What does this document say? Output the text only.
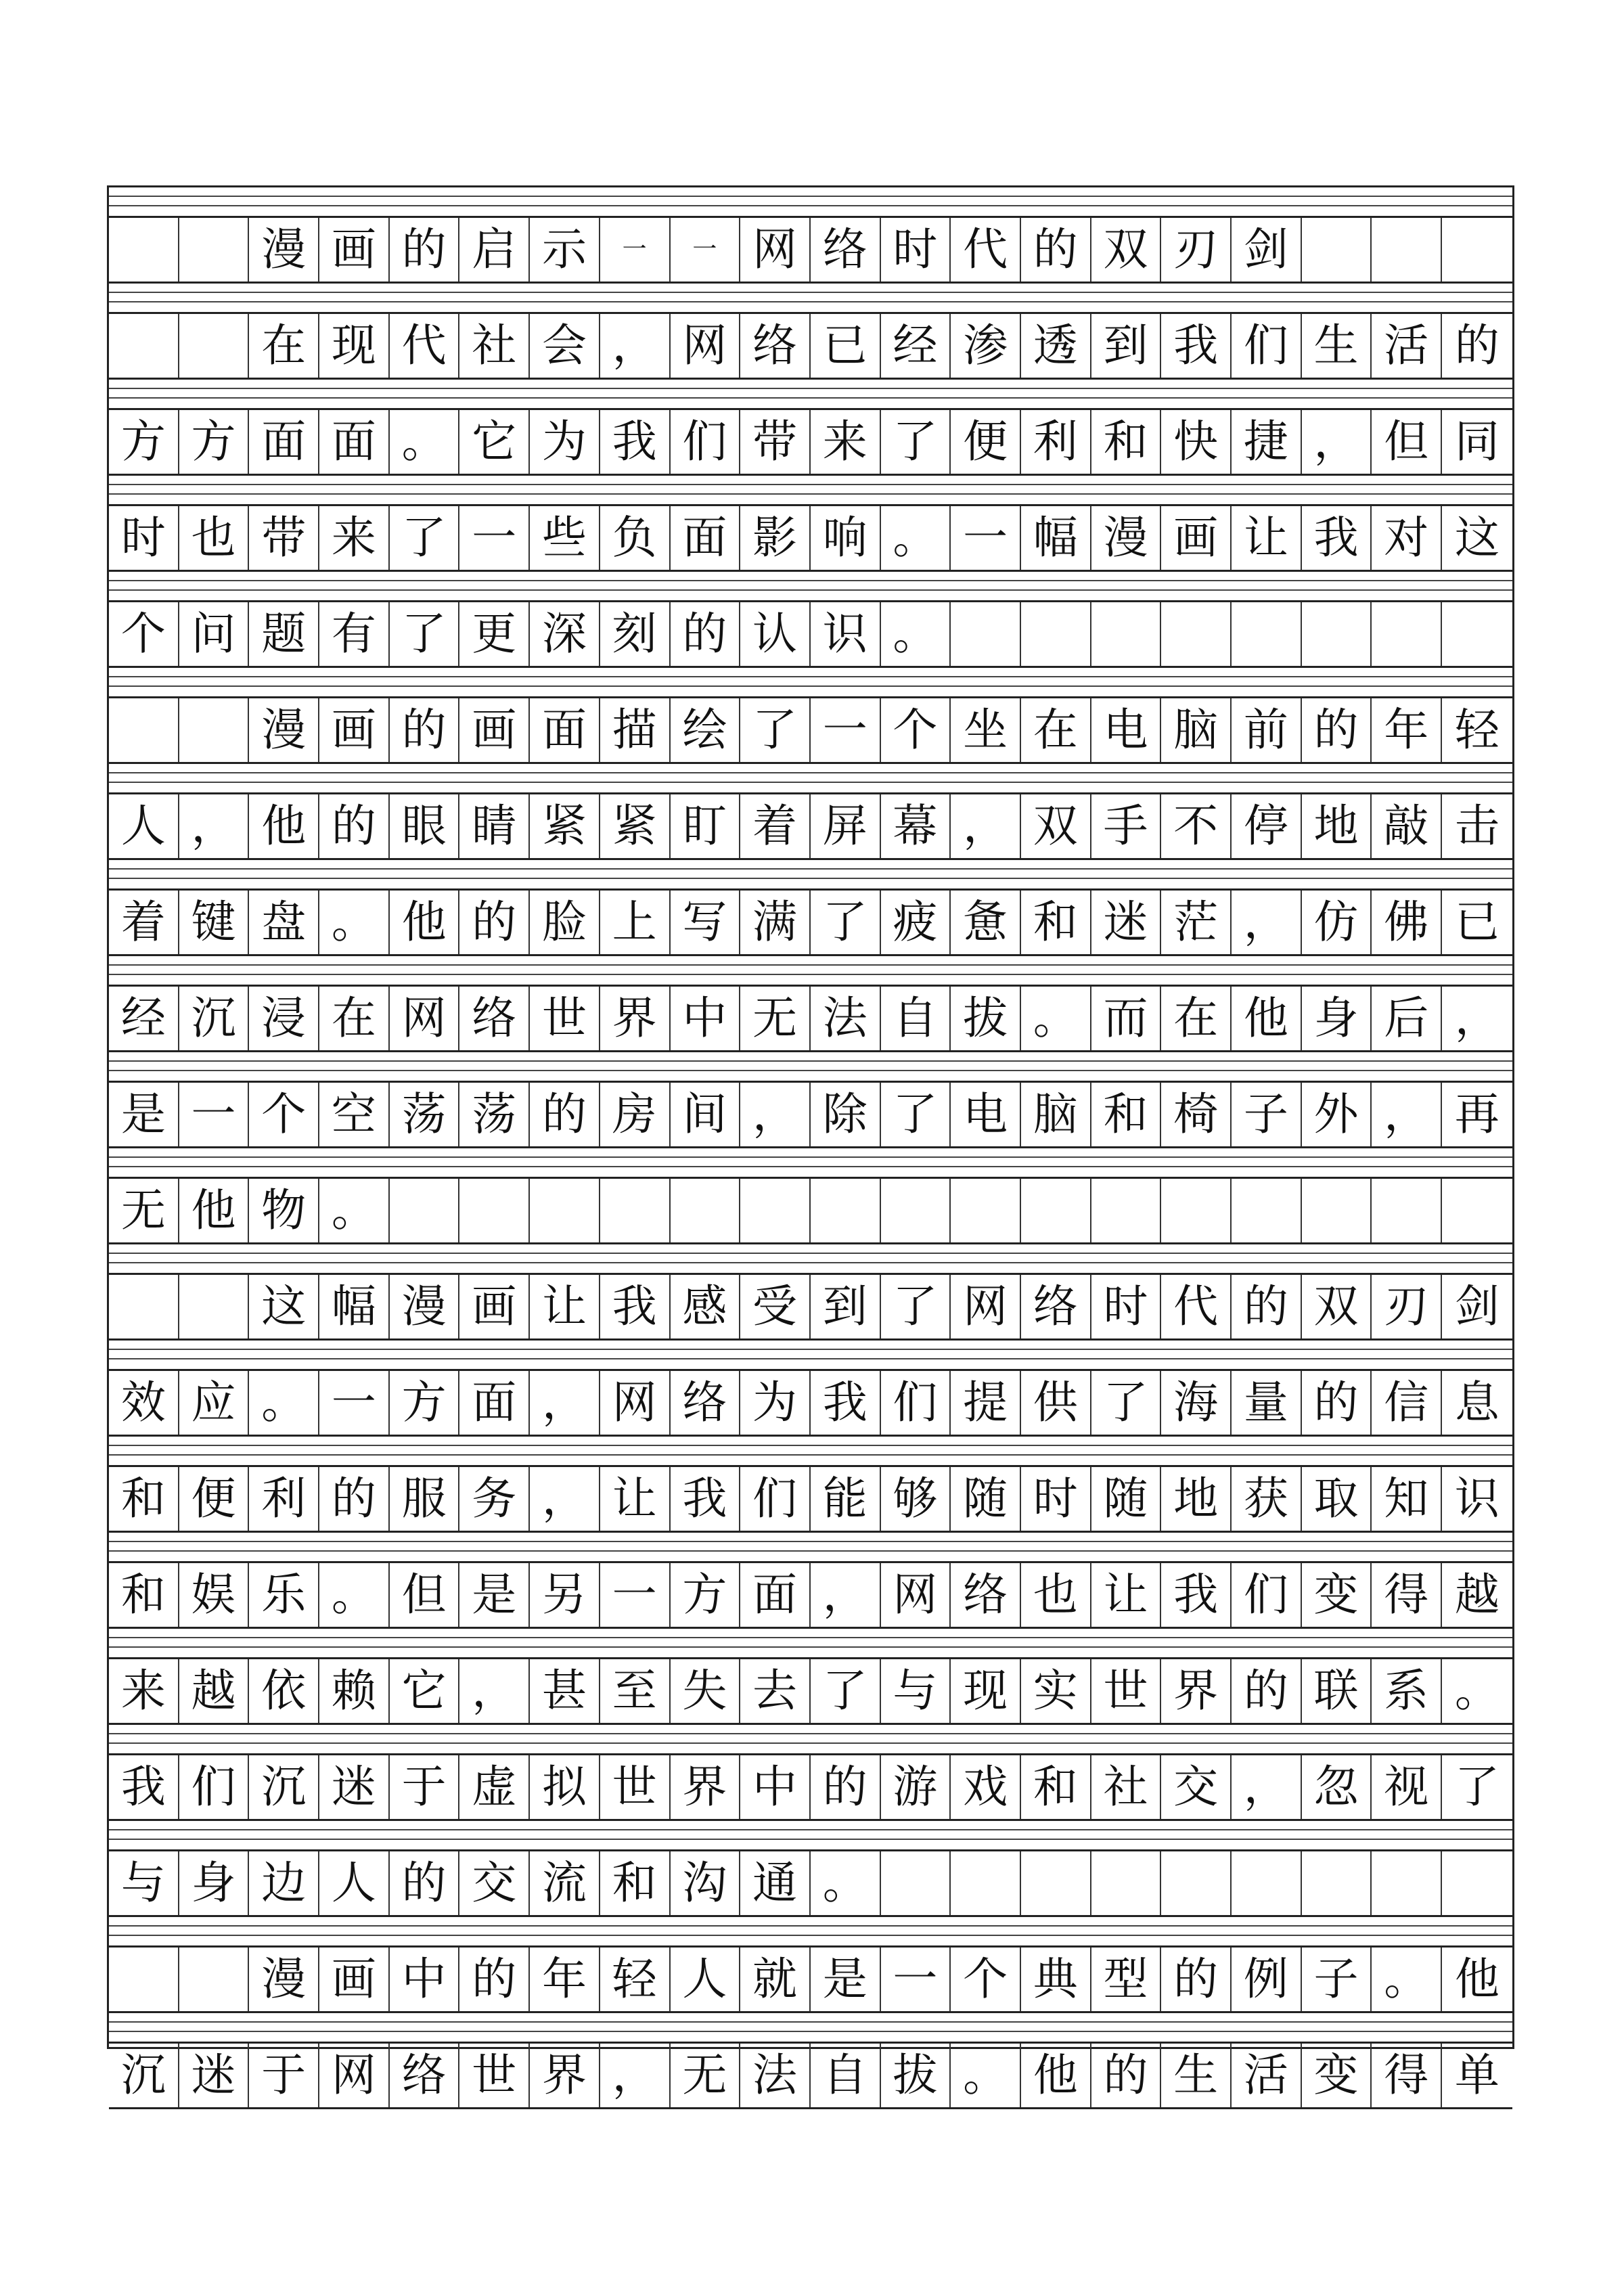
漫 画 的 启 示	一	一 网 络 时 代 的 双 刃 剑
在 现 代 社 会 ， 网 络 已 经 渗 透 到 我 们 生 活 的
方 方 面 面 。 它 为 我 们 带 来 了 便 利 和 快 捷 ， 但 同
时 也 带 来 了 一 些 负 面 影 响 。 一 幅 漫 画 让 我 对 这
个 问 题 有 了 更 深 刻 的 认 识 。
漫 画 的 画 面 描 绘 了 一 个 坐 在 电 脑 前 的 年 轻
人 ， 他 的 眼 睛 紧 紧 盯 着 屏 幕 ， 双 手 不 停 地 敲 击
着 键 盘 。 他 的 脸 上 写 满 了 疲 惫 和 迷 茫 ， 仿 佛 已
经 沉 浸 在 网 络 世 界 中 无 法 自 拔 。 而 在 他 身 后 ，
是 一 个 空 荡 荡 的 房 间 ， 除 了 电 脑 和 椅 子 外 ， 再
无 他 物 。
这 幅 漫 画 让 我 感 受 到 了 网 络 时 代 的 双 刃 剑
效 应 。 一 方 面 ， 网 络 为 我 们 提 供 了 海 量 的 信 息
和 便 利 的 服 务 ， 让 我 们 能 够 随 时 随 地 获 取 知 识
和 娱 乐 。 但 是 另 一 方 面 ， 网 络 也 让 我 们 变 得 越
来 越 依 赖 它 ， 甚 至 失 去 了 与 现 实 世 界 的 联 系 。
我 们 沉 迷 于 虚 拟 世 界 中 的 游 戏 和 社 交 ， 忽 视 了
与 身 边 人 的 交 流 和 沟 通 。
漫 画 中 的 年 轻 人 就 是 一 个 典 型 的 例 子 。 他
沉 迷 于 网 络 世 界 ， 无 法 自 拔 。 他 的 生 活 变 得 单
